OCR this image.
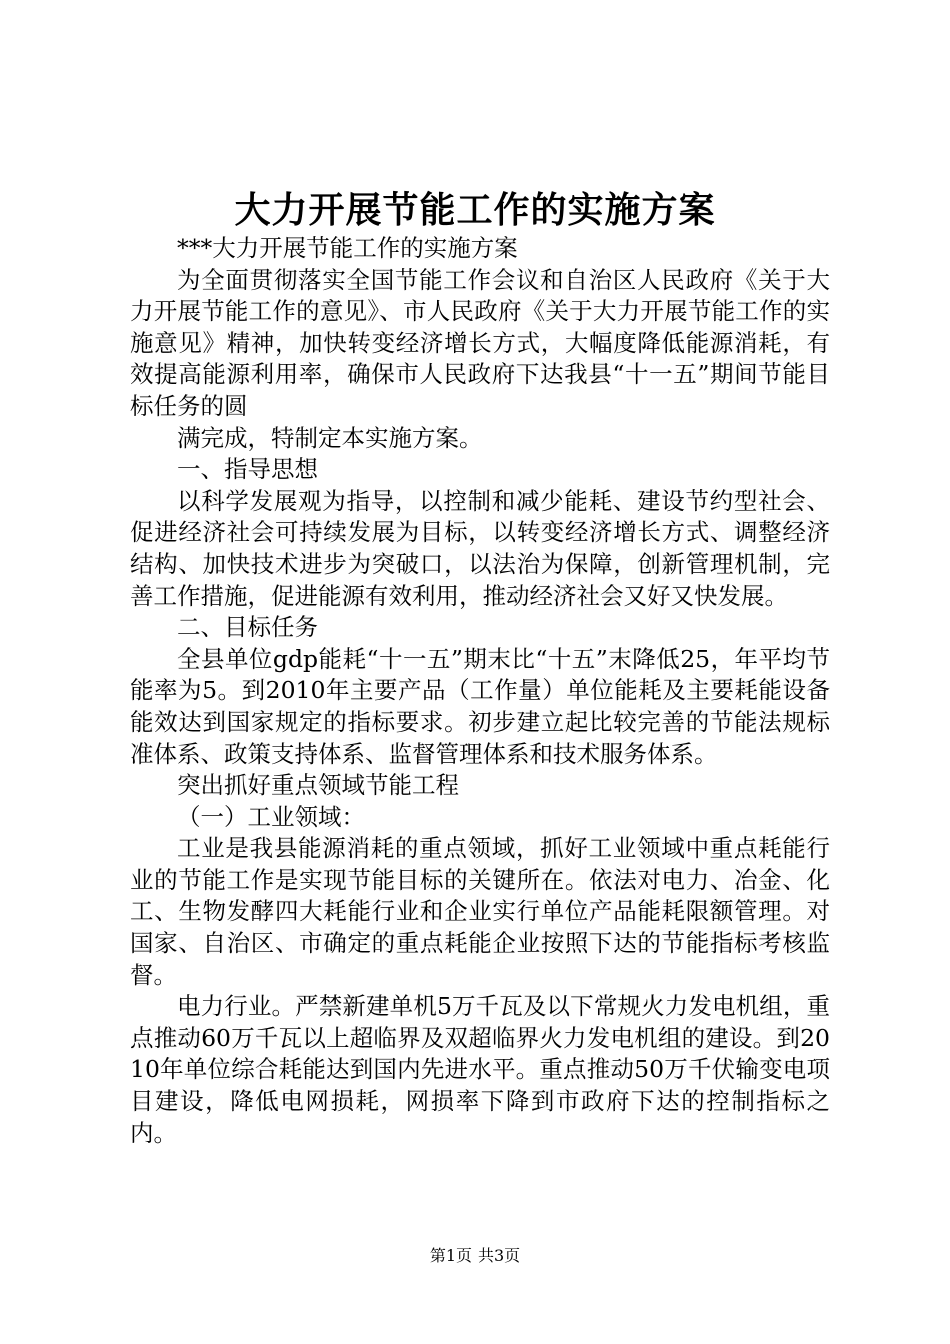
大力开展节能工作的实施方案

***大力开展节能工作的实施方案

为全面贯彻落实全国节能工作会议和自治区人民政府《关于大力开展节能工作的意见》、市人民政府《关于大力开展节能工作的实施意见》精神，加快转变经济增长方式，大幅度降低能源消耗，有效提高能源利用率，确保市人民政府下达我县“十一五”期间节能目标任务的圆

满完成，特制定本实施方案。

一、指导思想

以科学发展观为指导，以控制和减少能耗、建设节约型社会、促进经济社会可持续发展为目标，以转变经济增长方式、调整经济结构、加快技术进步为突破口，以法治为保障，创新管理机制，完善工作措施，促进能源有效利用，推动经济社会又好又快发展。

二、目标任务

全县单位gdp能耗“十一五”期末比“十五”末降低25，年平均节能率为5。到2010年主要产品（工作量）单位能耗及主要耗能设备能效达到国家规定的指标要求。初步建立起比较完善的节能法规标准体系、政策支持体系、监督管理体系和技术服务体系。

突出抓好重点领域节能工程

（一）工业领域：

工业是我县能源消耗的重点领域，抓好工业领域中重点耗能行业的节能工作是实现节能目标的关键所在。依法对电力、冶金、化工、生物发酵四大耗能行业和企业实行单位产品能耗限额管理。对国家、自治区、市确定的重点耗能企业按照下达的节能指标考核监督。

电力行业。严禁新建单机5万千瓦及以下常规火力发电机组，重点推动60万千瓦以上超临界及双超临界火力发电机组的建设。到2010年单位综合耗能达到国内先进水平。重点推动50万千伏输变电项目建设，降低电网损耗，网损率下降到市政府下达的控制指标之内。

第1页 共3页
